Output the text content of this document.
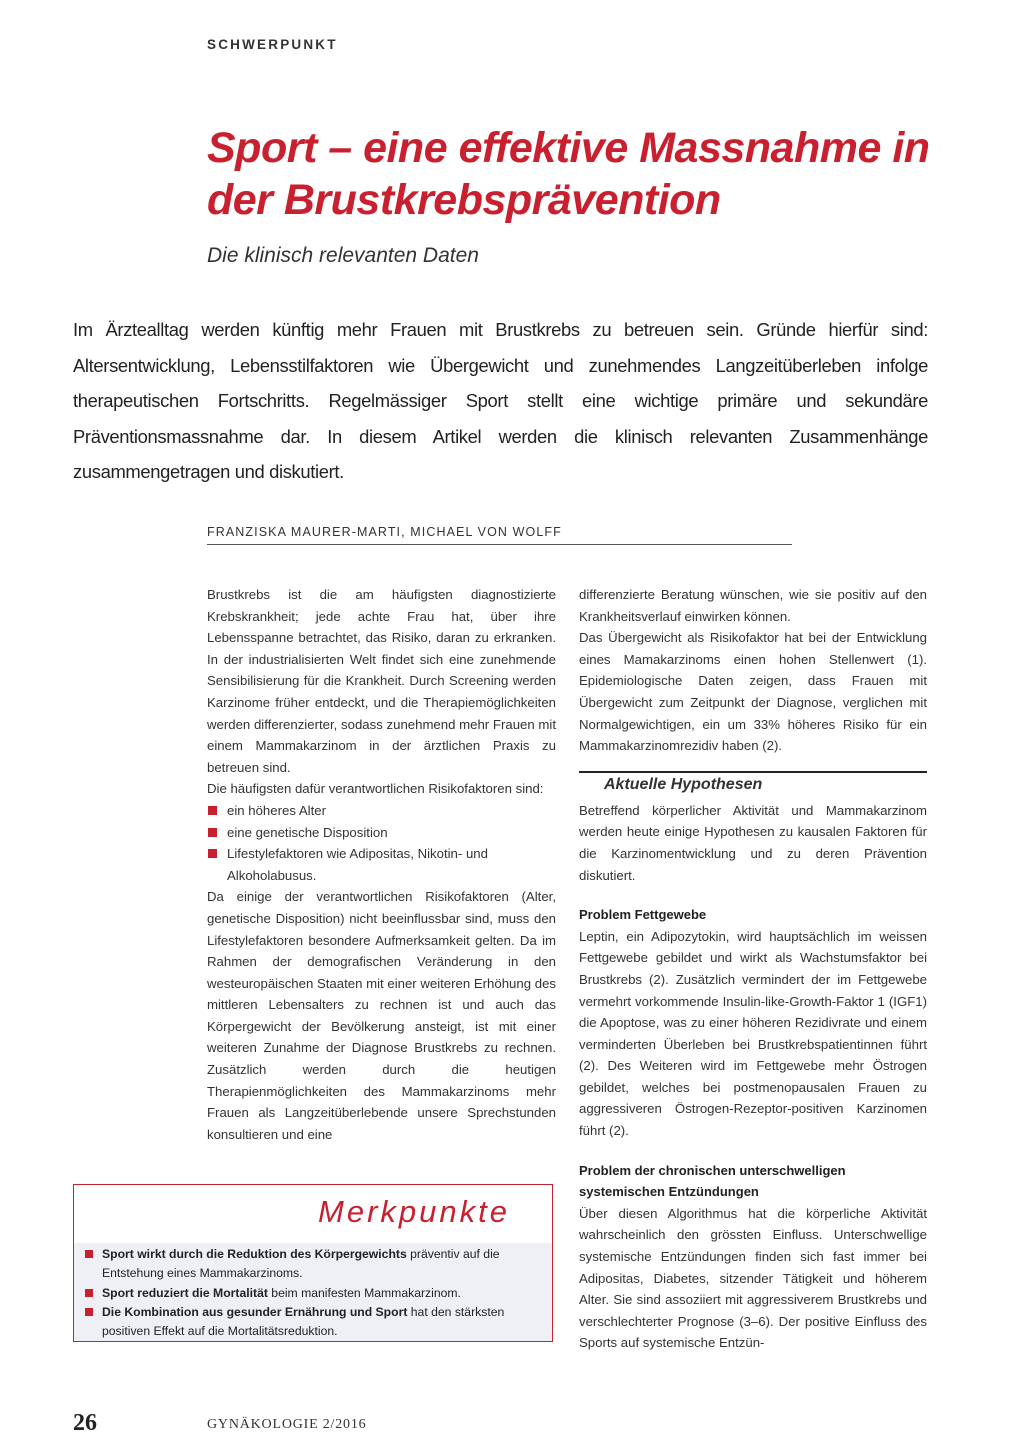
SCHWERPUNKT
Sport – eine effektive Massnahme in der Brustkrebsprävention
Die klinisch relevanten Daten

Im Ärztealltag werden künftig mehr Frauen mit Brustkrebs zu betreuen sein. Gründe hierfür sind: Altersentwicklung, Lebensstilfaktoren wie Übergewicht und zunehmendes Langzeitüberleben infolge therapeutischen Fortschritts. Regelmässiger Sport stellt eine wichtige primäre und sekundäre Präventionsmassnahme dar. In diesem Artikel werden die klinisch relevanten Zusammenhänge zusammengetragen und diskutiert.

FRANZISKA MAURER-MARTI, MICHAEL VON WOLFF

Brustkrebs ist die am häufigsten diagnostizierte Krebskrankheit; jede achte Frau hat, über ihre Lebensspanne betrachtet, das Risiko, daran zu erkranken. In der industrialisierten Welt findet sich eine zunehmende Sensibilisierung für die Krankheit. Durch Screening werden Karzinome früher entdeckt, und die Therapiemöglichkeiten werden differenzierter, sodass zunehmend mehr Frauen mit einem Mammakarzinom in der ärztlichen Praxis zu betreuen sind.

Die häufigsten dafür verantwortlichen Risikofaktoren sind:

ein höheres Alter
eine genetische Disposition
Lifestylefaktoren wie Adipositas, Nikotin- und Alkoholabusus.

Da einige der verantwortlichen Risikofaktoren (Alter, genetische Disposition) nicht beeinflussbar sind, muss den Lifestylefaktoren besondere Aufmerksamkeit gelten. Da im Rahmen der demografischen Veränderung in den westeuropäischen Staaten mit einer weiteren Erhöhung des mittleren Lebensalters zu rechnen ist und auch das Körpergewicht der Bevölkerung ansteigt, ist mit einer weiteren Zunahme der Diagnose Brustkrebs zu rechnen. Zusätzlich werden durch die heutigen Therapienmöglichkeiten des Mammakarzinoms mehr Frauen als Langzeitüberlebende unsere Sprechstunden konsultieren und eine

differenzierte Beratung wünschen, wie sie positiv auf den Krankheitsverlauf einwirken können.

Das Übergewicht als Risikofaktor hat bei der Entwicklung eines Mamakarzinoms einen hohen Stellenwert (1). Epidemiologische Daten zeigen, dass Frauen mit Übergewicht zum Zeitpunkt der Diagnose, verglichen mit Normalgewichtigen, ein um 33% höheres Risiko für ein Mammakarzinomrezidiv haben (2).

Betreffend körperlicher Aktivität und Mammakarzinom werden heute einige Hypothesen zu kausalen Faktoren für die Karzinomentwicklung und zu deren Prävention diskutiert.

Problem Fettgewebe

Leptin, ein Adipozytokin, wird hauptsächlich im weissen Fettgewebe gebildet und wirkt als Wachstumsfaktor bei Brustkrebs (2). Zusätzlich vermindert der im Fettgewebe vermehrt vorkommende Insulin-like-Growth-Faktor 1 (IGF1) die Apoptose, was zu einer höheren Rezidivrate und einem verminderten Überleben bei Brustkrebspatientinnen führt (2). Des Weiteren wird im Fettgewebe mehr Östrogen gebildet, welches bei postmenopausalen Frauen zu aggressiveren Östrogen-Rezeptor-positiven Karzinomen führt (2).

Problem der chronischen unterschwelligen systemischen Entzündungen

Über diesen Algorithmus hat die körperliche Aktivität wahrscheinlich den grössten Einfluss. Unterschwellige systemische Entzündungen finden sich fast immer bei Adipositas, Diabetes, sitzender Tätigkeit und höherem Alter. Sie sind assoziiert mit aggressiverem Brustkrebs und verschlechterter Prognose (3–6). Der positive Einfluss des Sports auf systemische Entzün-

Aktuelle Hypothesen
Merkpunkte
Sport wirkt durch die Reduktion des Körpergewichts präventiv auf die Entstehung eines Mammakarzinoms.
Sport reduziert die Mortalität beim manifesten Mammakarzinom.
Die Kombination aus gesunder Ernährung und Sport hat den stärksten positiven Effekt auf die Mortalitätsreduktion.
26	GYNÄKOLOGIE 2/2016
